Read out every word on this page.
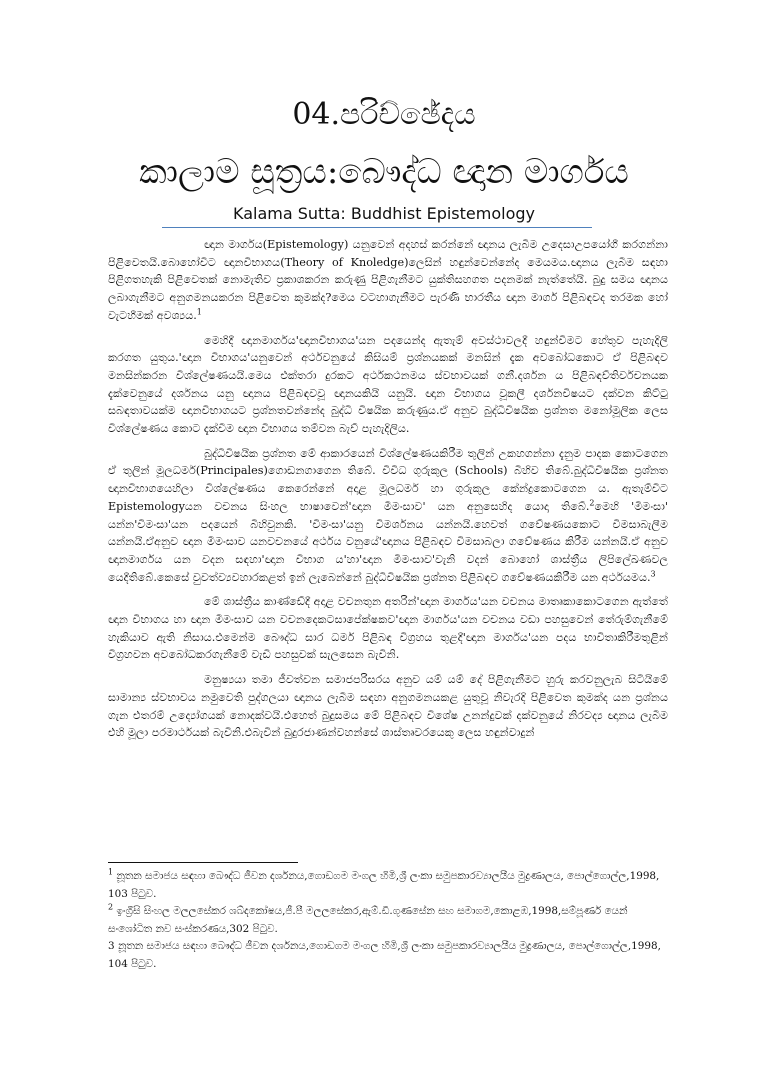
04.පරිච්ඡේදය
කාලාම සූත්‍රය:බෞද්ධ ඥාන මාර්ගය
Kalama Sutta: Buddhist Epistemology

ඥාන මාර්ගය(Epistemology) යනුවෙන් අදහස් කරන්නේ ඥානය ලැබීම උදෙසාඋපයෝගී කරගන්නා පිළිවෙතයි.බොහෝවිට ඥානවිභාගය(Theory of Knoledge)ලෙසින් හඳුන්වෙන්නේද මෙයමය.ඥානය ලැබීම සඳහා පිළිගතහැකි පිළිවෙතක් නොමැතිව ප්‍රකාශකරන කරුණු පිළිගැනීමට යුක්තිසහගත පදනමක් නැත්තේයි. බුදු සමය ඥානය ලබාගැනීමට අනුගමනයකරන පිළිවෙත කුමක්ද?මෙය වටහාගැනීමට පැරණි භාරතීය ඥාන මාර්ග පිළිබඳවද තරමක හෝ වැටහීමක් අවශ්‍යය.$^1$

මෙහිදී ඥානමාර්ගය'ඥානවිභාගය'යන පදයෙන්ද ඇතැම් අවස්ථාවලදී හඳුන්වීමට හේතුව පැහැදිලි කරගත යුතුය.'ඥාන විභාගය'යනුවෙන් අර්ථවනුයේ කිසියම් ප්‍රශ්නයකක් මනසින් දැක අවබෝධකොට ඒ පිළිබඳව මනසින්කරන විශ්ලේෂණයයි.මෙය එක්තරා දුරකට අර්ථකථනමය ස්වභාවයක් ගනී.දර්ශන ය පිළිබඳව්තිර්වචනයක දැක්වෙනුයේ දර්ශනය යනු ඥානය පිළිබඳවවූ ඥානයකියි යනුයි. ඥාන විභාගය වූකලී දර්ශනවිෂයට දක්වන කිට්ටු සබඳතාවයක්ම ඥානවිභාගයට ප්‍රශ්නතවන්නේද බුද්ධි විෂයික කරුණුය.ඒ අනුව බුද්ධිවිෂයික ප්‍රශ්නත මනෝමූලික ලෙස විශ්ලේෂණය කොට දැක්වීම ඥාන විභාගය තම්වන බැව් පැහැදිලිය.

බුද්ධිවිෂයික ප්‍රශ්නත මේ ආකාරයෙන් විශ්ලේෂණයකිරීම තුලින් උකහගන්නා දැනුම පාදක කොටගෙන ඒ තුලින් මූලධර්ම(Principales)ගොඩනගාගෙන තිබේ. විවිධ ගුරුකුල (Schools) බිහිව තිබේ.බුද්ධිවිෂයික ප්‍රශ්නත ඥානවිභාගයෙහිලා විශ්ලේෂණය කෙරෙන්නේ අදාළ මූලධර්ම හා ගුරුකුල කේන්ද්‍රකොටගෙන ය. ඇතැම්විට Epistemologyයන වචනය සිංහල භාෂාවෙන්'ඥාන මීමංසාව' යන අනුසෙහිද යොදා තිබේ.$^2$මෙහි 'මීමංසා' යන්න'විමංසා'යන පදයෙන් බිහිවුනකි. 'විමංසා'යනු විමර්ශනය යන්නයි.හෙවත් ගවේෂණයකොට විමසාබැලීම යන්නයි.ඒඅනුව ඥාන මීමංසාව යනවචනයේ අර්ථය වනුයේ'ඥානය පිළිබඳව විමසාබලා ගවේෂණය කිරීම යන්නයි.ඒ අනුව ඥානමාර්ගය යන වදන සඳහා'ඥාන විභාග ය'හා'ඥාන මීමංසාව'වැනි වදන් බොහෝ ශාස්ත්‍රීය ලිපිලේඛණවල යෙදීතිබේ.කෙසේ වුවත්ව්‍යවහාරකළත් ඉන් ලැබෙන්නේ බුද්ධිවිෂයික ප්‍රශ්නත පිළිබඳව ගවේෂණයකිරීම යන අර්ථයමය.$^3$

මේ ශාස්ත්‍රීය කාණ්ඩේදී අදාළ වචනතුන අතරින්'ඥාන මාර්ගය'යන වචනය මාතෘකාකොටගෙන ඇත්තේ ඥාන විභාගය හා ඥාන මීමංසාව යන වචනදෙකටසාපේක්ෂකව'ඥාන මාර්ගය'යන වචනය වඩා පහසුවෙන් තේරුම්ගැනීමේ හැකියාව ඇති නිසාය.එමෙන්ම බෞද්ධ සාර ධර්ම පිළිබඳ විග්‍රහය තුළදී'ඥාන මාර්ගය'යන පදය භාවිතාකිරීමතුළින් විග්‍රහවන අවබෝධකරගැනීමේ වැඩි පහසුවක් සැලසෙන බැවිනි.

මනුෂ්‍යයා තමා ජීවත්වන සමාජපරිසරය අනුව යම් යම් දේ පිළිගැනීමට හුරු කරවනුලැබ සිටියිමේ සාමාන්‍ය ස්වභාවය නමුවෙති පුද්ගලයා ඥානය ලැබීම සඳහා අනුගමනයකළ යුතුවූ නිවැරදි පිළිවෙත කුමක්ද යන ප්‍රශ්නය ගැන එතරම් උද්‍යෝගයක් නොදක්වයි.එහෙත් බුදුසමය මේ පිළිබඳව විශේෂ උනන්දුවක් දක්වනුයේ නිරවද්‍ය ඥානය ලැබීම එහි මූලා පරමාර්ථයක් බැවිනි.එබැවින් බුදුරජාණන්වහන්සේ ශාස්තෘවරයෙකු ලෙස හඳුන්වාදුන්

$^1$ නූතන සමාජය සඳහා බෞද්ධ ජීවන දර්ශනය,ගොඩගම මංගල හිමි,ශ්‍රී ලංකා සමුපකාරව්‍යාලයීය මුද්‍රණාලය, පොල්ගොල්ල,1998, 103 පිටුව.
$^2$ ඉංග්‍රීසි සිංහල මලලසේකර ශබ්දකෝෂය,ජී.පී මලලසේකර,ඇම්.ඩී.ගුණසේන සහ සමාගම,කොළඹ,1998,සම්පූර්ණ යෙන් සංශෝධිත නව සංස්කරණය,302 පිටුව.
3 නූතන සමාජය සඳහා බෞද්ධ ජීවන දර්ශනය,ගොඩගම මංගල හිමි,ශ්‍රී ලංකා සමුපකාරව්‍යාලයීය මුද්‍රණාලය, පොල්ගොල්ල,1998, 104 පිටුව.
